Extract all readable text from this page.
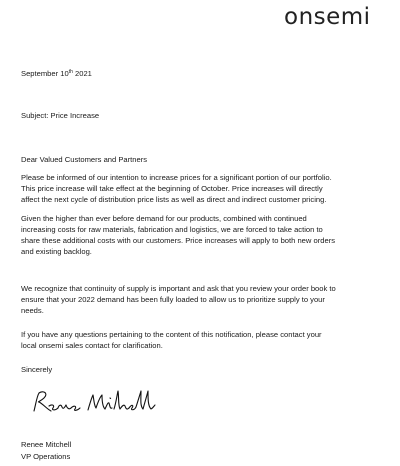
onsemi
September 10th 2021
Subject: Price Increase
Dear Valued Customers and Partners
Please be informed of our intention to increase prices for a significant portion of our portfolio.
This price increase will take effect at the beginning of October. Price increases will directly
affect the next cycle of distribution price lists as well as direct and indirect customer pricing.
Given the higher than ever before demand for our products, combined with continued
increasing costs for raw materials, fabrication and logistics, we are forced to take action to
share these additional costs with our customers. Price increases will apply to both new orders
and existing backlog.
We recognize that continuity of supply is important and ask that you review your order book to
ensure that your 2022 demand has been fully loaded to allow us to prioritize supply to your
needs.
If you have any questions pertaining to the content of this notification, please contact your
local onsemi sales contact for clarification.
Sincerely
Renee Mitchell
VP Operations
